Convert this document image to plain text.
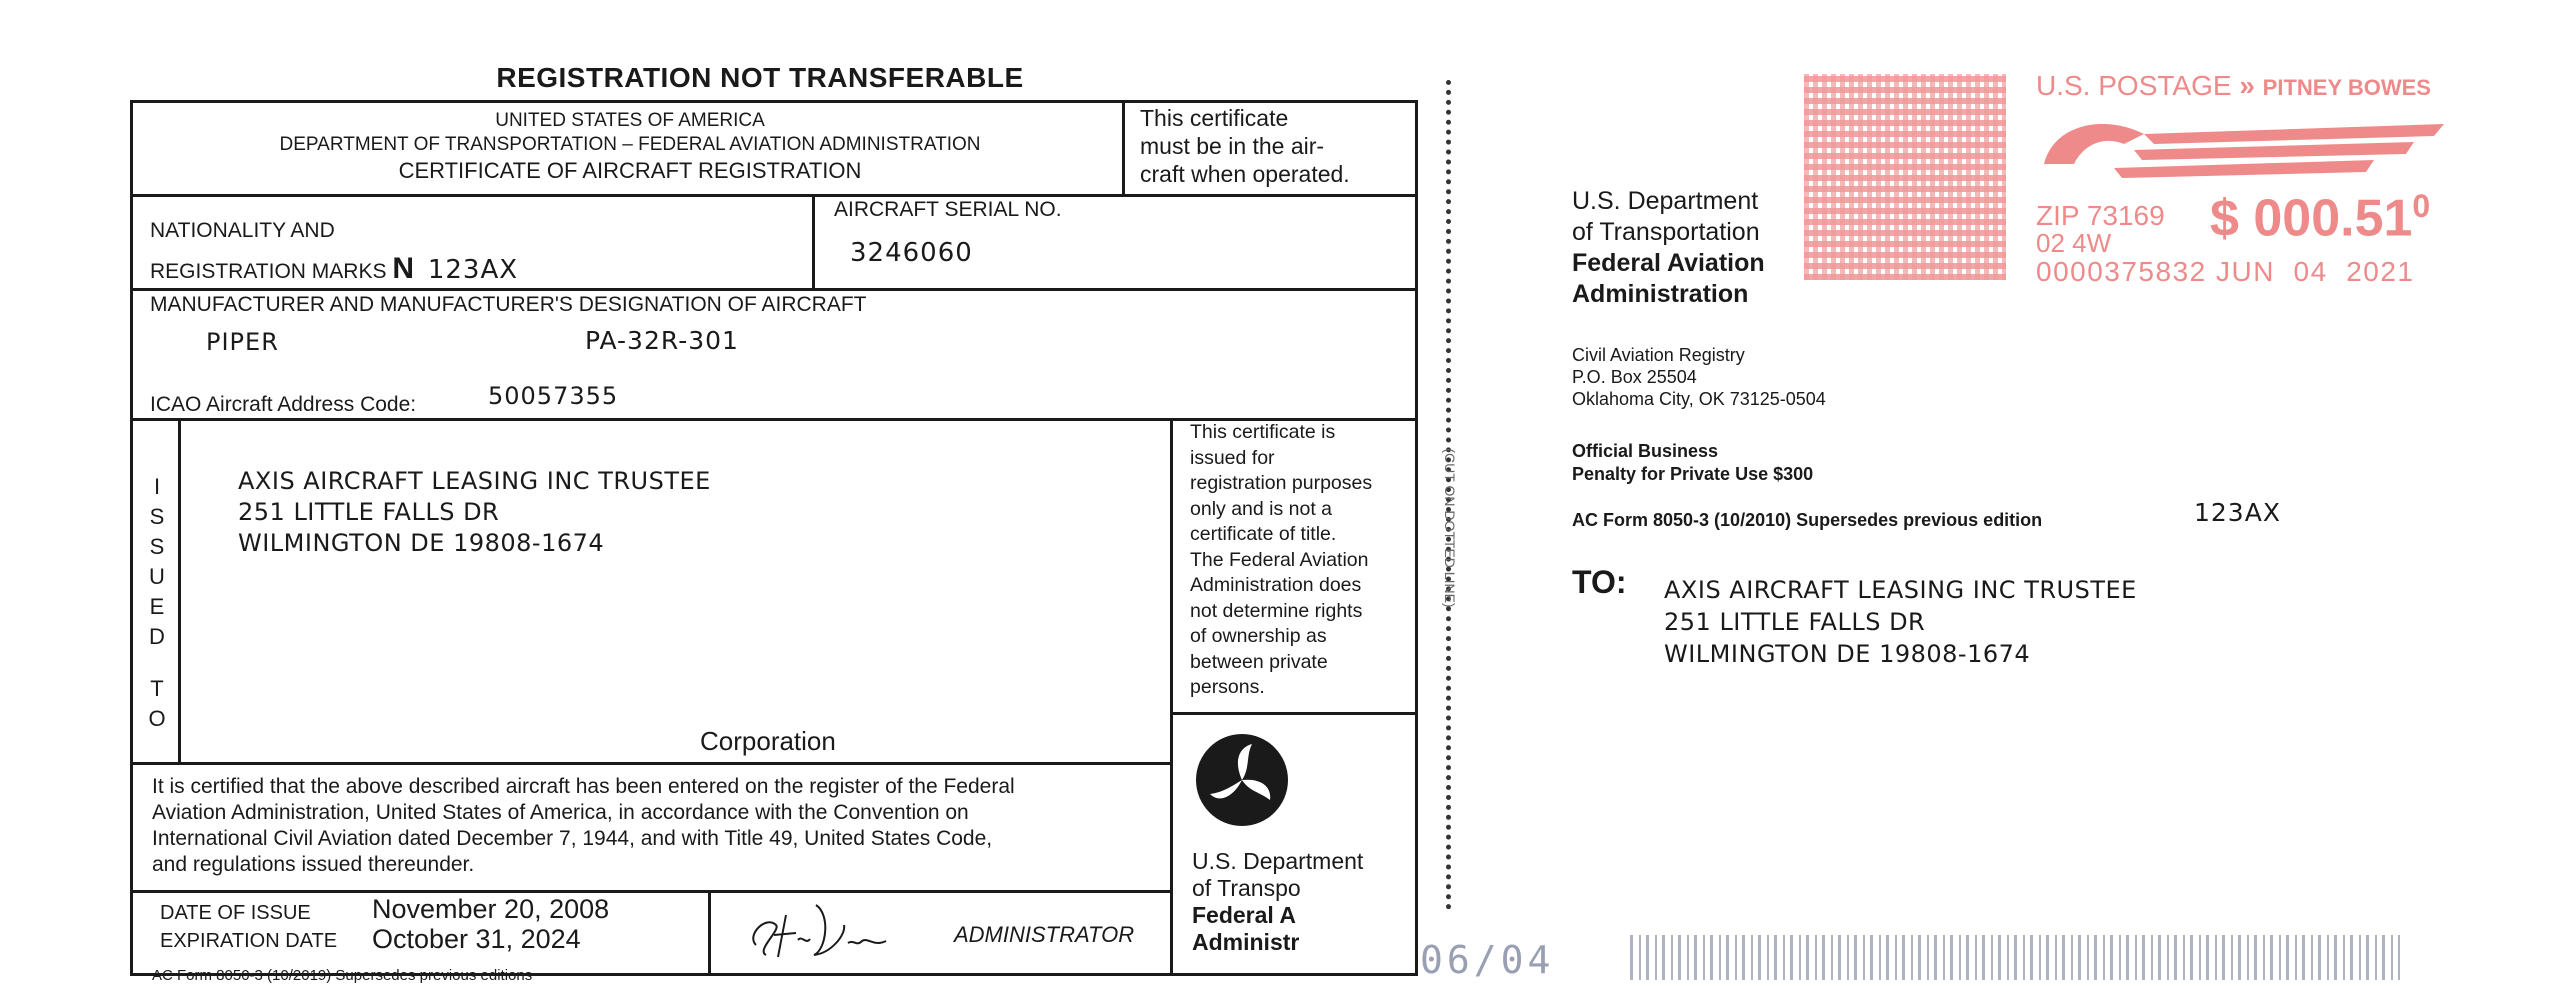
REGISTRATION NOT TRANSFERABLE
UNITED STATES OF AMERICA
DEPARTMENT OF TRANSPORTATION – FEDERAL AVIATION ADMINISTRATION
CERTIFICATE OF AIRCRAFT REGISTRATION
This certificate
must be in the air-
craft when operated.
NATIONALITY AND
REGISTRATION MARKS N 123AX
AIRCRAFT SERIAL NO.
3246060
MANUFACTURER AND MANUFACTURER'S DESIGNATION OF AIRCRAFT
PIPER	PA-32R-301
ICAO Aircraft Address Code:	50057355
I
S
S
U
E
D
T
O
AXIS AIRCRAFT LEASING INC TRUSTEE
251 LITTLE FALLS DR
WILMINGTON DE 19808-1674
Corporation
This certificate is
issued for
registration purposes
only and is not a
certificate of title.
The Federal Aviation
Administration does
not determine rights
of ownership as
between private
persons.
U.S. Department
of Transpo
Federal A
Administr
It is certified that the above described aircraft has been entered on the register of the Federal
Aviation Administration, United States of America, in accordance with the Convention on
International Civil Aviation dated December 7, 1944, and with Title 49, United States Code,
and regulations issued thereunder.
DATE OF ISSUE November 20, 2008
EXPIRATION DATE October 31, 2024	ADMINISTRATOR
AC Form 8050-3 (10/2019) Supersedes previous editions
(CUT ON DOTTED LINE)
06/04
U.S. Department
of Transportation
Federal Aviation
Administration
U.S. POSTAGE » PITNEY BOWES
ZIP 73169
02 4W $ 000.51$^0$
0000375832 JUN  04  2021
Civil Aviation Registry
P.O. Box 25504
Oklahoma City, OK 73125-0504
Official Business
Penalty for Private Use $300
AC Form 8050-3 (10/2010) Supersedes previous edition	123AX
TO: AXIS AIRCRAFT LEASING INC TRUSTEE
251 LITTLE FALLS DR
WILMINGTON DE 19808-1674
